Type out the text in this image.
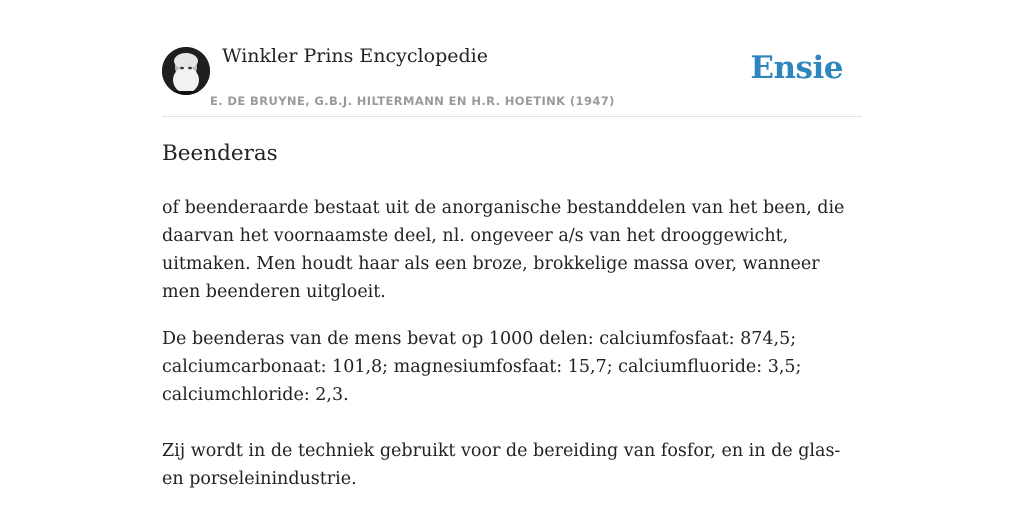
Winkler Prins Encyclopedie
E. DE BRUYNE, G.B.J. HILTERMANN EN H.R. HOETINK (1947)
Ensie
Beenderas

of beenderaarde bestaat uit de anorganische bestanddelen van het been, die daarvan het voornaamste deel, nl. ongeveer a/s van het drooggewicht, uitmaken. Men houdt haar als een broze, brokkelige massa over, wanneer men beenderen uitgloeit.

De beenderas van de mens bevat op 1000 delen: calciumfosfaat: 874,5; calciumcarbonaat: 101,8; magnesiumfosfaat: 15,7; calciumfluoride: 3,5; calciumchloride: 2,3.

Zij wordt in de techniek gebruikt voor de bereiding van fosfor, en in de glas- en porseleinindustrie.
